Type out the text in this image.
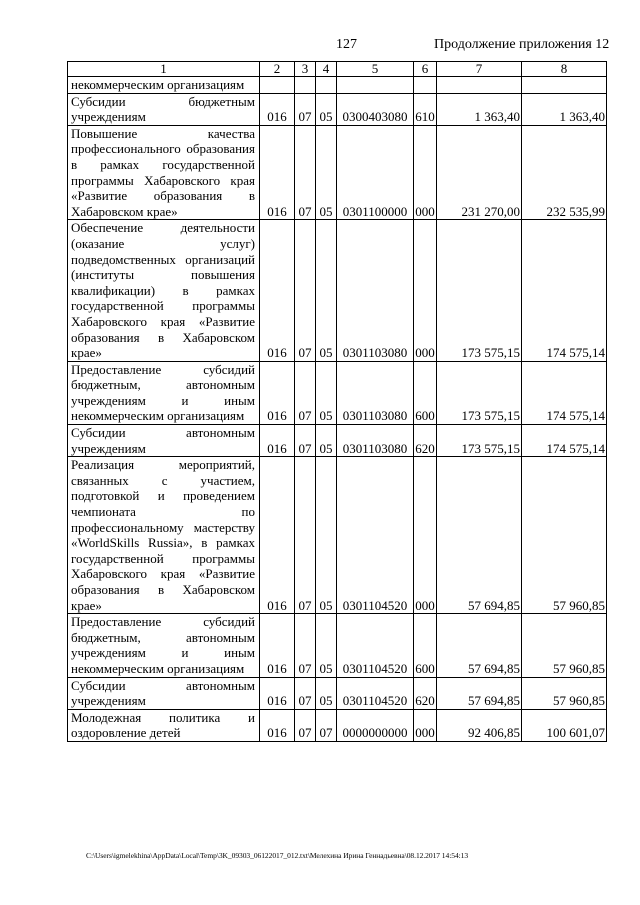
127	Продолжение приложения 12
1	2	3	4	5	6	7	8
некоммерческим организациям							
Субсидии бюджетным учреждениям	016	07	05	0300403080	610	1 363,40	1 363,40
Повышение качества профессионального образования в рамках государственной программы Хабаровского края «Развитие образования в Хабаровском крае»	016	07	05	0301100000	000	231 270,00	232 535,99
Обеспечение деятельности (оказание услуг) подведомственных организаций (институты повышения квалификации) в рамках государственной программы Хабаровского края «Развитие образования в Хабаровском крае»	016	07	05	0301103080	000	173 575,15	174 575,14
Предоставление субсидий бюджетным, автономным учреждениям и иным некоммерческим организациям	016	07	05	0301103080	600	173 575,15	174 575,14
Субсидии автономным учреждениям	016	07	05	0301103080	620	173 575,15	174 575,14
Реализация мероприятий, связанных с участием, подготовкой и проведением чемпионата по профессиональному мастерству «WorldSkills Russia», в рамках государственной программы Хабаровского края «Развитие образования в Хабаровском крае»	016	07	05	0301104520	000	57 694,85	57 960,85
Предоставление субсидий бюджетным, автономным учреждениям и иным некоммерческим организациям	016	07	05	0301104520	600	57 694,85	57 960,85
Субсидии автономным учреждениям	016	07	05	0301104520	620	57 694,85	57 960,85
Молодежная политика и оздоровление детей	016	07	07	0000000000	000	92 406,85	100 601,07
C:\Users\igmelekhina\AppData\Local\Temp\3K_09303_06122017_012.txt\Мелехина Ирина Геннадьевна\08.12.2017 14:54:13
